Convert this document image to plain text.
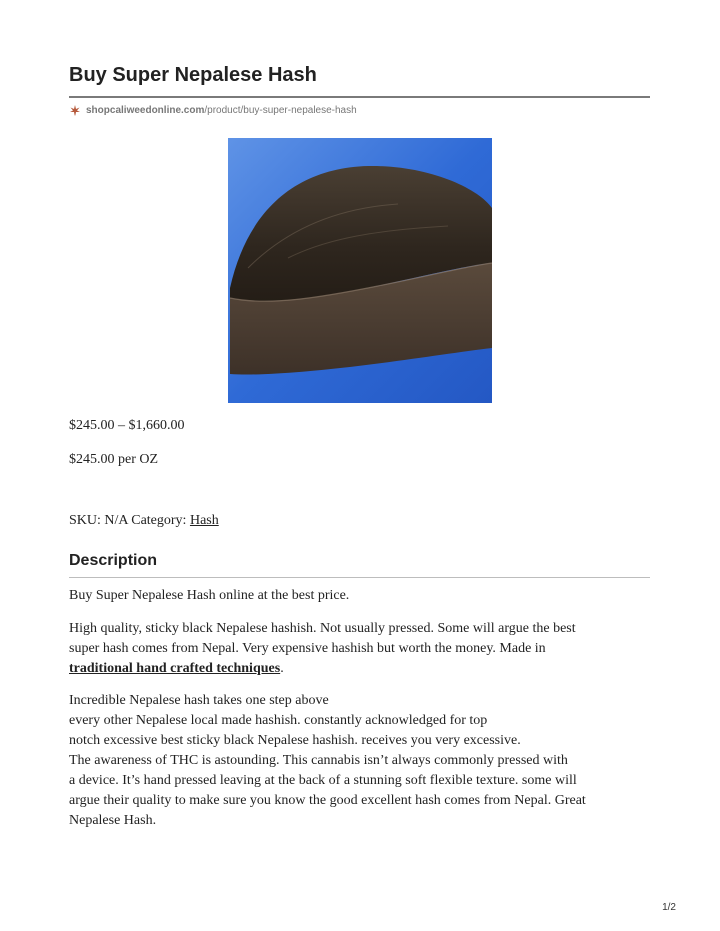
Buy Super Nepalese Hash
shopcaliweedonline.com /product/buy-super-nepalese-hash

$245.00 – $1,660.00

$245.00 per OZ

SKU: N/A Category: Hash

Description

Buy Super Nepalese Hash online at the best price.

High quality, sticky black Nepalese hashish. Not usually pressed. Some will argue the best
super hash comes from Nepal. Very expensive hashish but worth the money. Made in
traditional hand crafted techniques.

Incredible Nepalese hash takes one step above
every other Nepalese local made hashish. constantly acknowledged for top
notch excessive best sticky black Nepalese hashish. receives you very excessive.
The awareness of THC is astounding. This cannabis isn’t always commonly pressed with
a device. It’s hand pressed leaving at the back of a stunning soft flexible texture. some will
argue their quality to make sure you know the good excellent hash comes from Nepal. Great
Nepalese Hash.

1/2
